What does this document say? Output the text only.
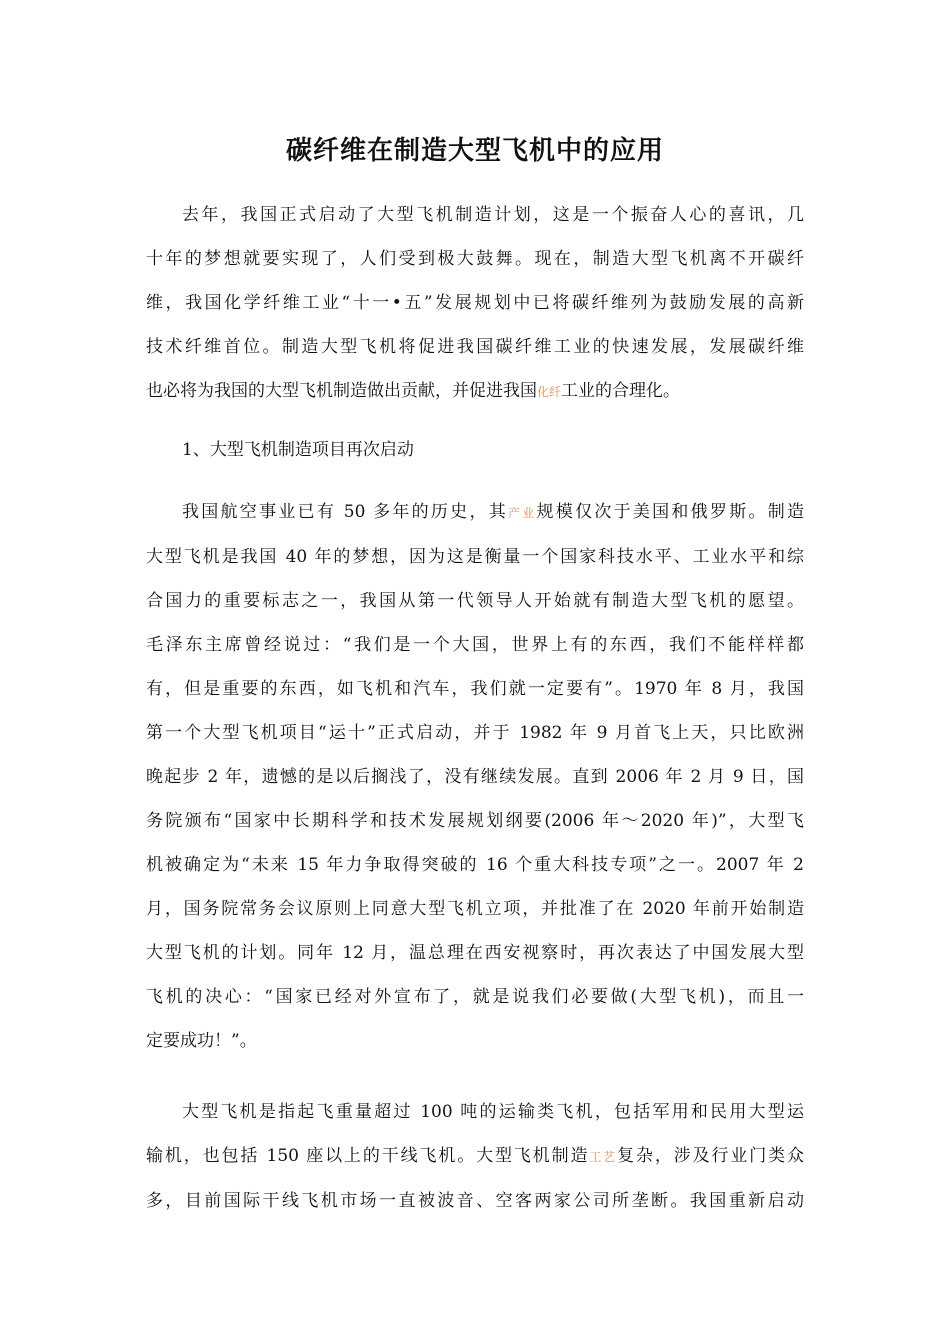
碳纤维在制造大型飞机中的应用
去年，我国正式启动了大型飞机制造计划，这是一个振奋人心的喜讯，几
十年的梦想就要实现了，人们受到极大鼓舞。现在，制造大型飞机离不开碳纤
维，我国化学纤维工业“十一•五”发展规划中已将碳纤维列为鼓励发展的高新
技术纤维首位。制造大型飞机将促进我国碳纤维工业的快速发展，发展碳纤维
也必将为我国的大型飞机制造做出贡献，并促进我国化纤工业的合理化。

1、大型飞机制造项目再次启动

我国航空事业已有 50 多年的历史，其产业规模仅次于美国和俄罗斯。制造
大型飞机是我国 40 年的梦想，因为这是衡量一个国家科技水平、工业水平和综
合国力的重要标志之一，我国从第一代领导人开始就有制造大型飞机的愿望。
毛泽东主席曾经说过：“我们是一个大国，世界上有的东西，我们不能样样都
有，但是重要的东西，如飞机和汽车，我们就一定要有”。1970 年 8 月，我国
第一个大型飞机项目“运十”正式启动，并于 1982 年 9 月首飞上天，只比欧洲
晚起步 2 年，遗憾的是以后搁浅了，没有继续发展。直到 2006 年 2 月 9 日，国
务院颁布“国家中长期科学和技术发展规划纲要(2006 年～2020 年)”，大型飞
机被确定为“未来 15 年力争取得突破的 16 个重大科技专项”之一。2007 年 2
月，国务院常务会议原则上同意大型飞机立项，并批准了在 2020 年前开始制造
大型飞机的计划。同年 12 月，温总理在西安视察时，再次表达了中国发展大型
飞机的决心：“国家已经对外宣布了，就是说我们必要做(大型飞机)，而且一
定要成功！”。
大型飞机是指起飞重量超过 100 吨的运输类飞机，包括军用和民用大型运
输机，也包括 150 座以上的干线飞机。大型飞机制造工艺复杂，涉及行业门类众
多，目前国际干线飞机市场一直被波音、空客两家公司所垄断。我国重新启动
